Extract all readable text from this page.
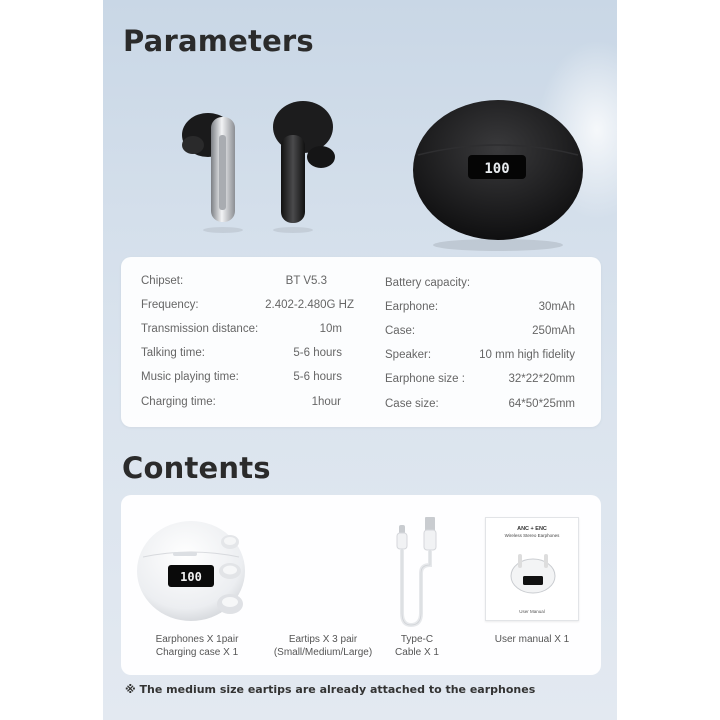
Parameters
100
Chipset:	BT V5.3
Frequency:	2.402-2.480G HZ
Transmission distance:	10m
Talking time:	5-6 hours
Music playing time:	5-6 hours
Charging time:	1hour
Battery capacity:
Earphone:	30mAh
Case:	250mAh
Speaker:	10 mm high fidelity
Earphone size :	32*22*20mm
Case size:	64*50*25mm
Contents
100
ANC + ENC
Wireless Stereo Earphones
User Manual
Earphones X 1pair
Charging case X 1
Eartips X 3 pair
(Small/Medium/Large)
Type-C
Cable X 1
User manual X 1
※ The medium size eartips are already attached to the earphones
